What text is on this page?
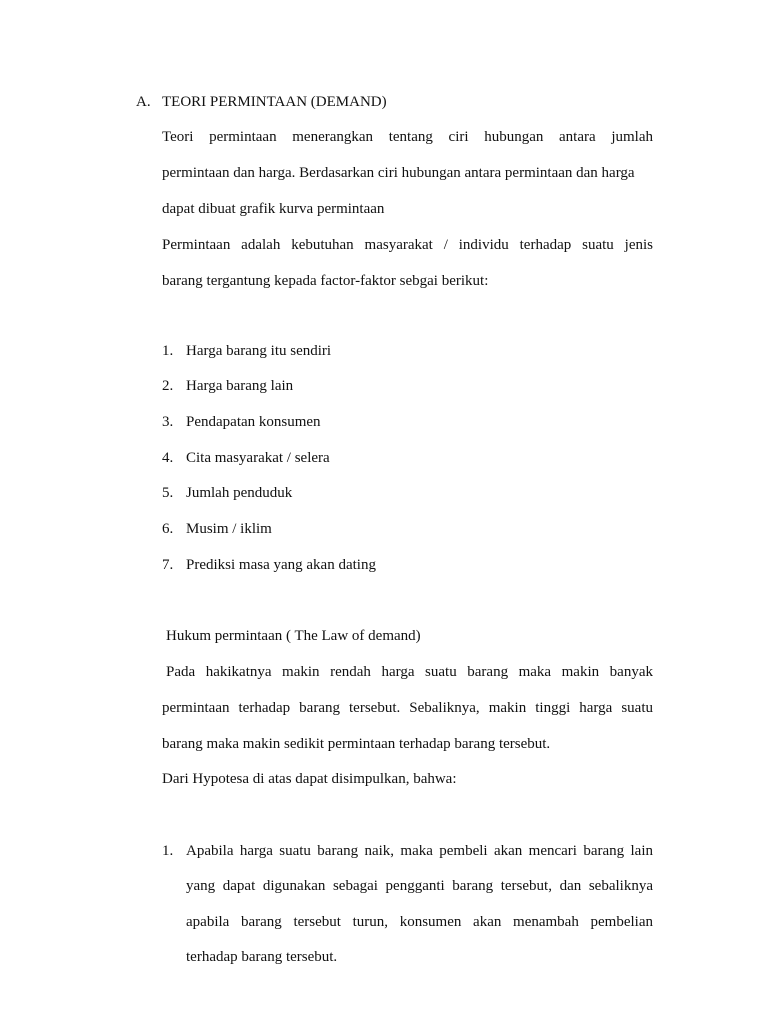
A. TEORI PERMINTAAN (DEMAND)
Teori permintaan menerangkan tentang ciri hubungan antara jumlah
permintaan dan harga. Berdasarkan ciri hubungan antara permintaan dan harga
dapat dibuat grafik kurva permintaan
Permintaan adalah kebutuhan masyarakat / individu terhadap suatu jenis
barang tergantung kepada factor-faktor sebgai berikut:
1. Harga barang itu sendiri
2. Harga barang lain
3. Pendapatan konsumen
4. Cita masyarakat / selera
5. Jumlah penduduk
6. Musim / iklim
7. Prediksi masa yang akan dating
Hukum permintaan ( The Law of demand)
Pada hakikatnya makin rendah harga suatu barang maka makin banyak
permintaan terhadap barang tersebut. Sebaliknya, makin tinggi harga suatu
barang maka makin sedikit permintaan terhadap barang tersebut.
Dari Hypotesa di atas dapat disimpulkan, bahwa:
1. Apabila harga suatu barang naik, maka pembeli akan mencari barang lain
yang dapat digunakan sebagai pengganti barang tersebut, dan sebaliknya
apabila barang tersebut turun, konsumen akan menambah pembelian
terhadap barang tersebut.
